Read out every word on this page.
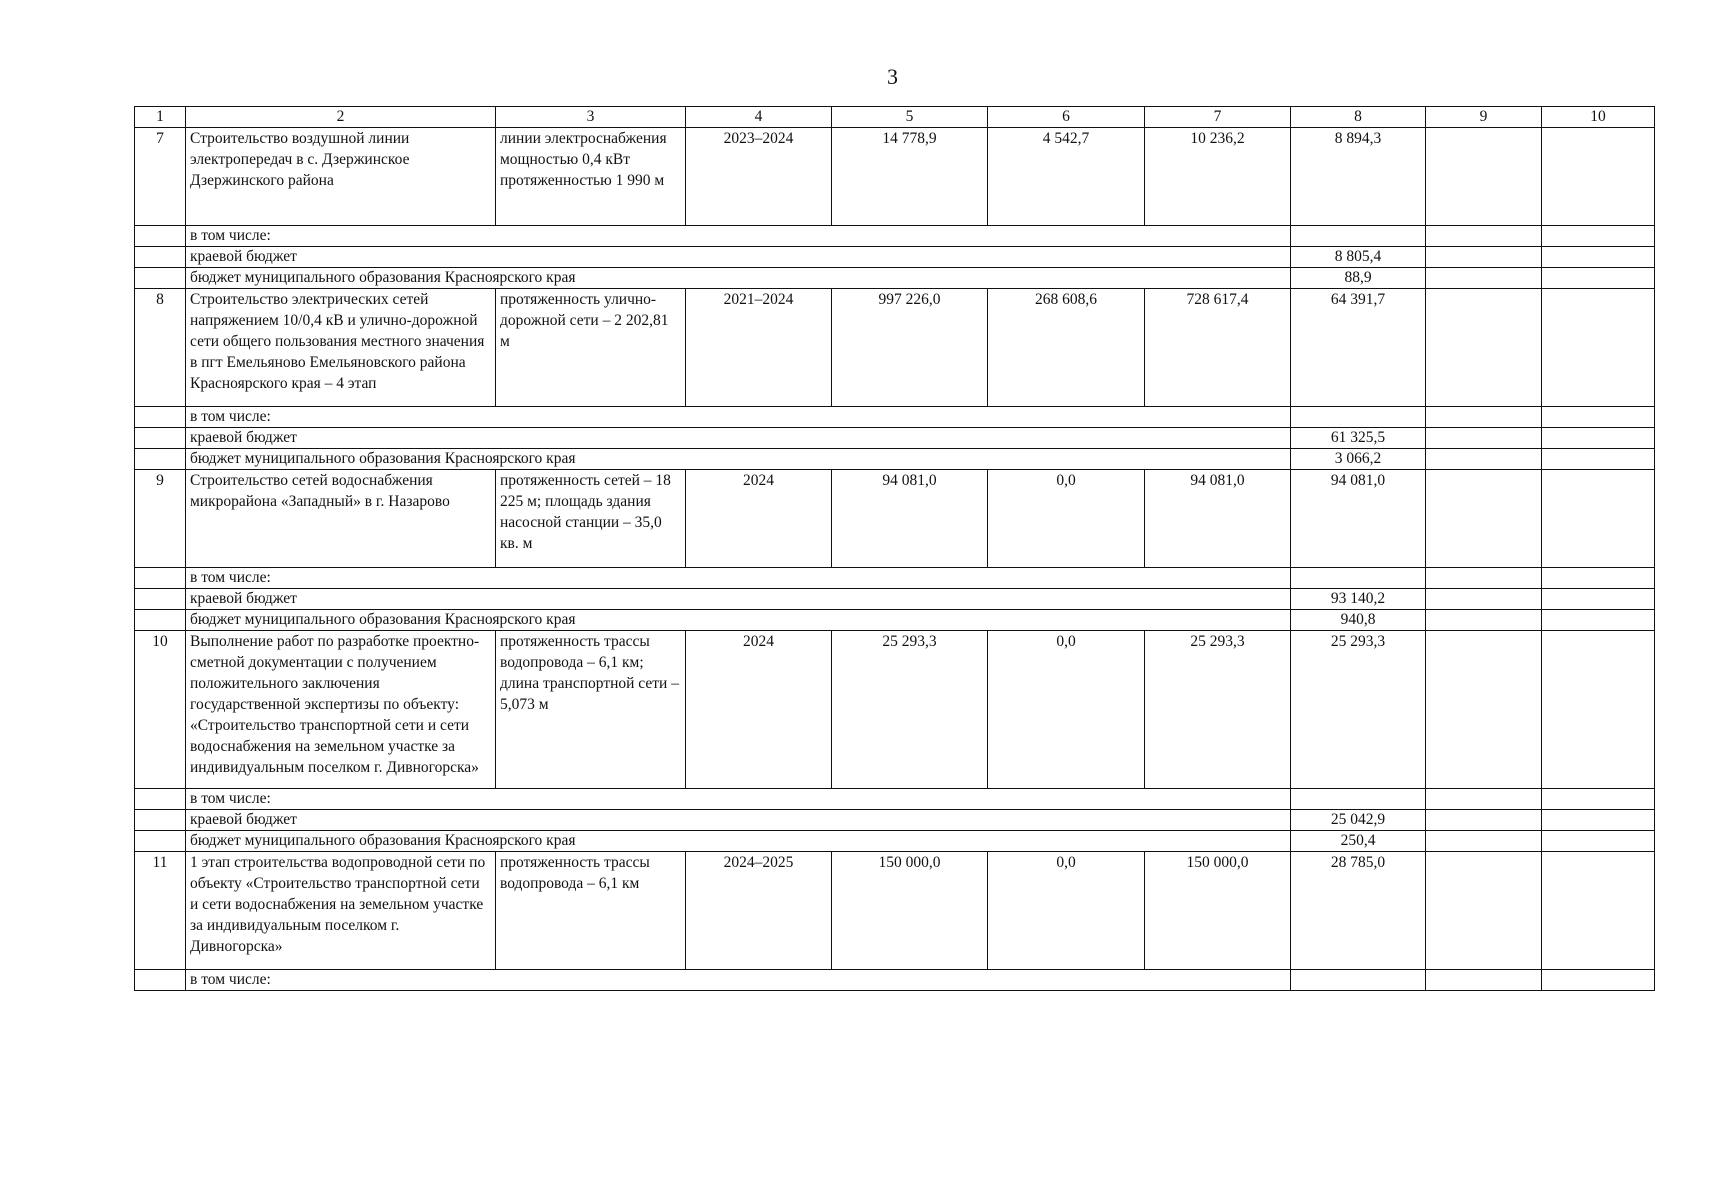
3
1	2	3	4	5	6	7	8	9	10
7	Строительство воздушной линии электропередач в с. Дзержинское Дзержинского района	линии электроснабжения мощностью 0,4 кВт протяженностью 1 990 м	2023–2024	14 778,9	4 542,7	10 236,2	8 894,3		
	в том числе:								
	краевой бюджет						8 805,4		
	бюджет муниципального образования Красноярского края						88,9		
8	Строительство электрических сетей напряжением 10/0,4 кВ и улично-дорожной сети общего пользования местного значения в пгт Емельяново Емельяновского района Красноярского края – 4 этап	протяженность улично-дорожной сети – 2 202,81 м	2021–2024	997 226,0	268 608,6	728 617,4	64 391,7		
	в том числе:								
	краевой бюджет						61 325,5		
	бюджет муниципального образования Красноярского края						3 066,2		
9	Строительство сетей водоснабжения микрорайона «Западный» в г. Назарово	протяженность сетей – 18 225 м; площадь здания насосной станции – 35,0 кв. м	2024	94 081,0	0,0	94 081,0	94 081,0		
	в том числе:								
	краевой бюджет						93 140,2		
	бюджет муниципального образования Красноярского края						940,8		
10	Выполнение работ по разработке проектно-сметной документации с получением положительного заключения государственной экспертизы по объекту: «Строительство транспортной сети и сети водоснабжения на земельном участке за индивидуальным поселком г. Дивногорска»	протяженность трассы водопровода – 6,1 км; длина транспортной сети – 5,073 м	2024	25 293,3	0,0	25 293,3	25 293,3		
	в том числе:								
	краевой бюджет						25 042,9		
	бюджет муниципального образования Красноярского края						250,4		
11	1 этап строительства водопроводной сети по объекту «Строительство транспортной сети и сети водоснабжения на земельном участке за индивидуальным поселком г. Дивногорска»	протяженность трассы водопровода – 6,1 км	2024–2025	150 000,0	0,0	150 000,0	28 785,0		
	в том числе:								
